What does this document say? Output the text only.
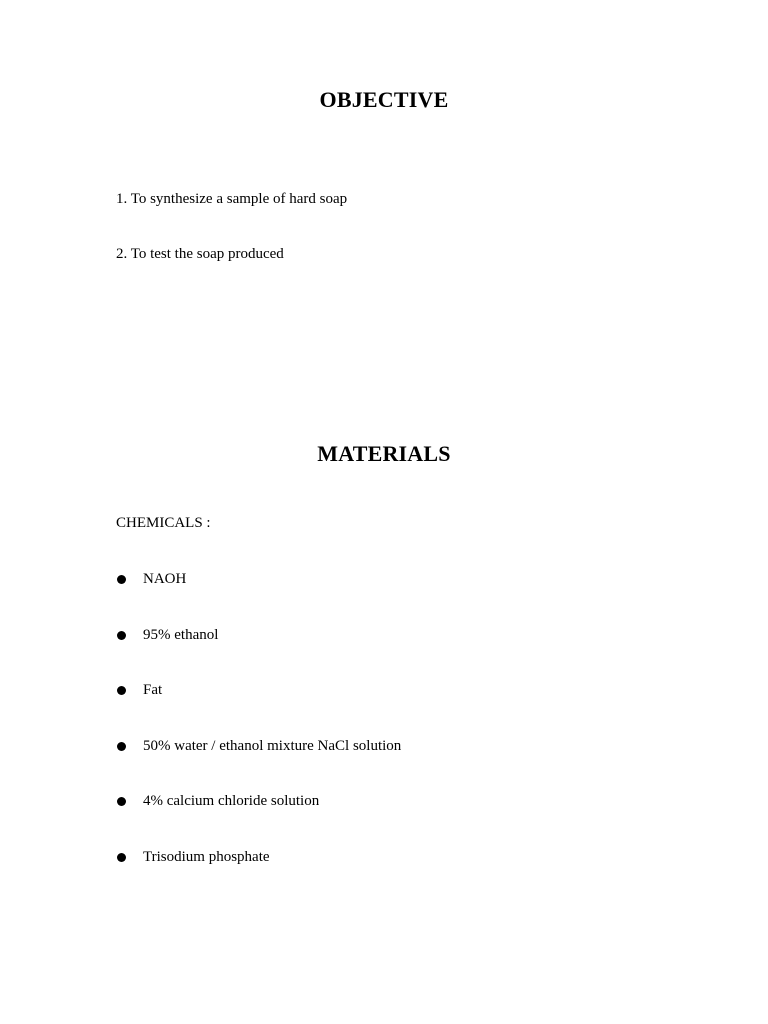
OBJECTIVE

1. To synthesize a sample of hard soap

2. To test the soap produced

MATERIALS

CHEMICALS :

NAOH
95% ethanol
Fat
50% water / ethanol mixture NaCl solution
4% calcium chloride solution
Trisodium phosphate
